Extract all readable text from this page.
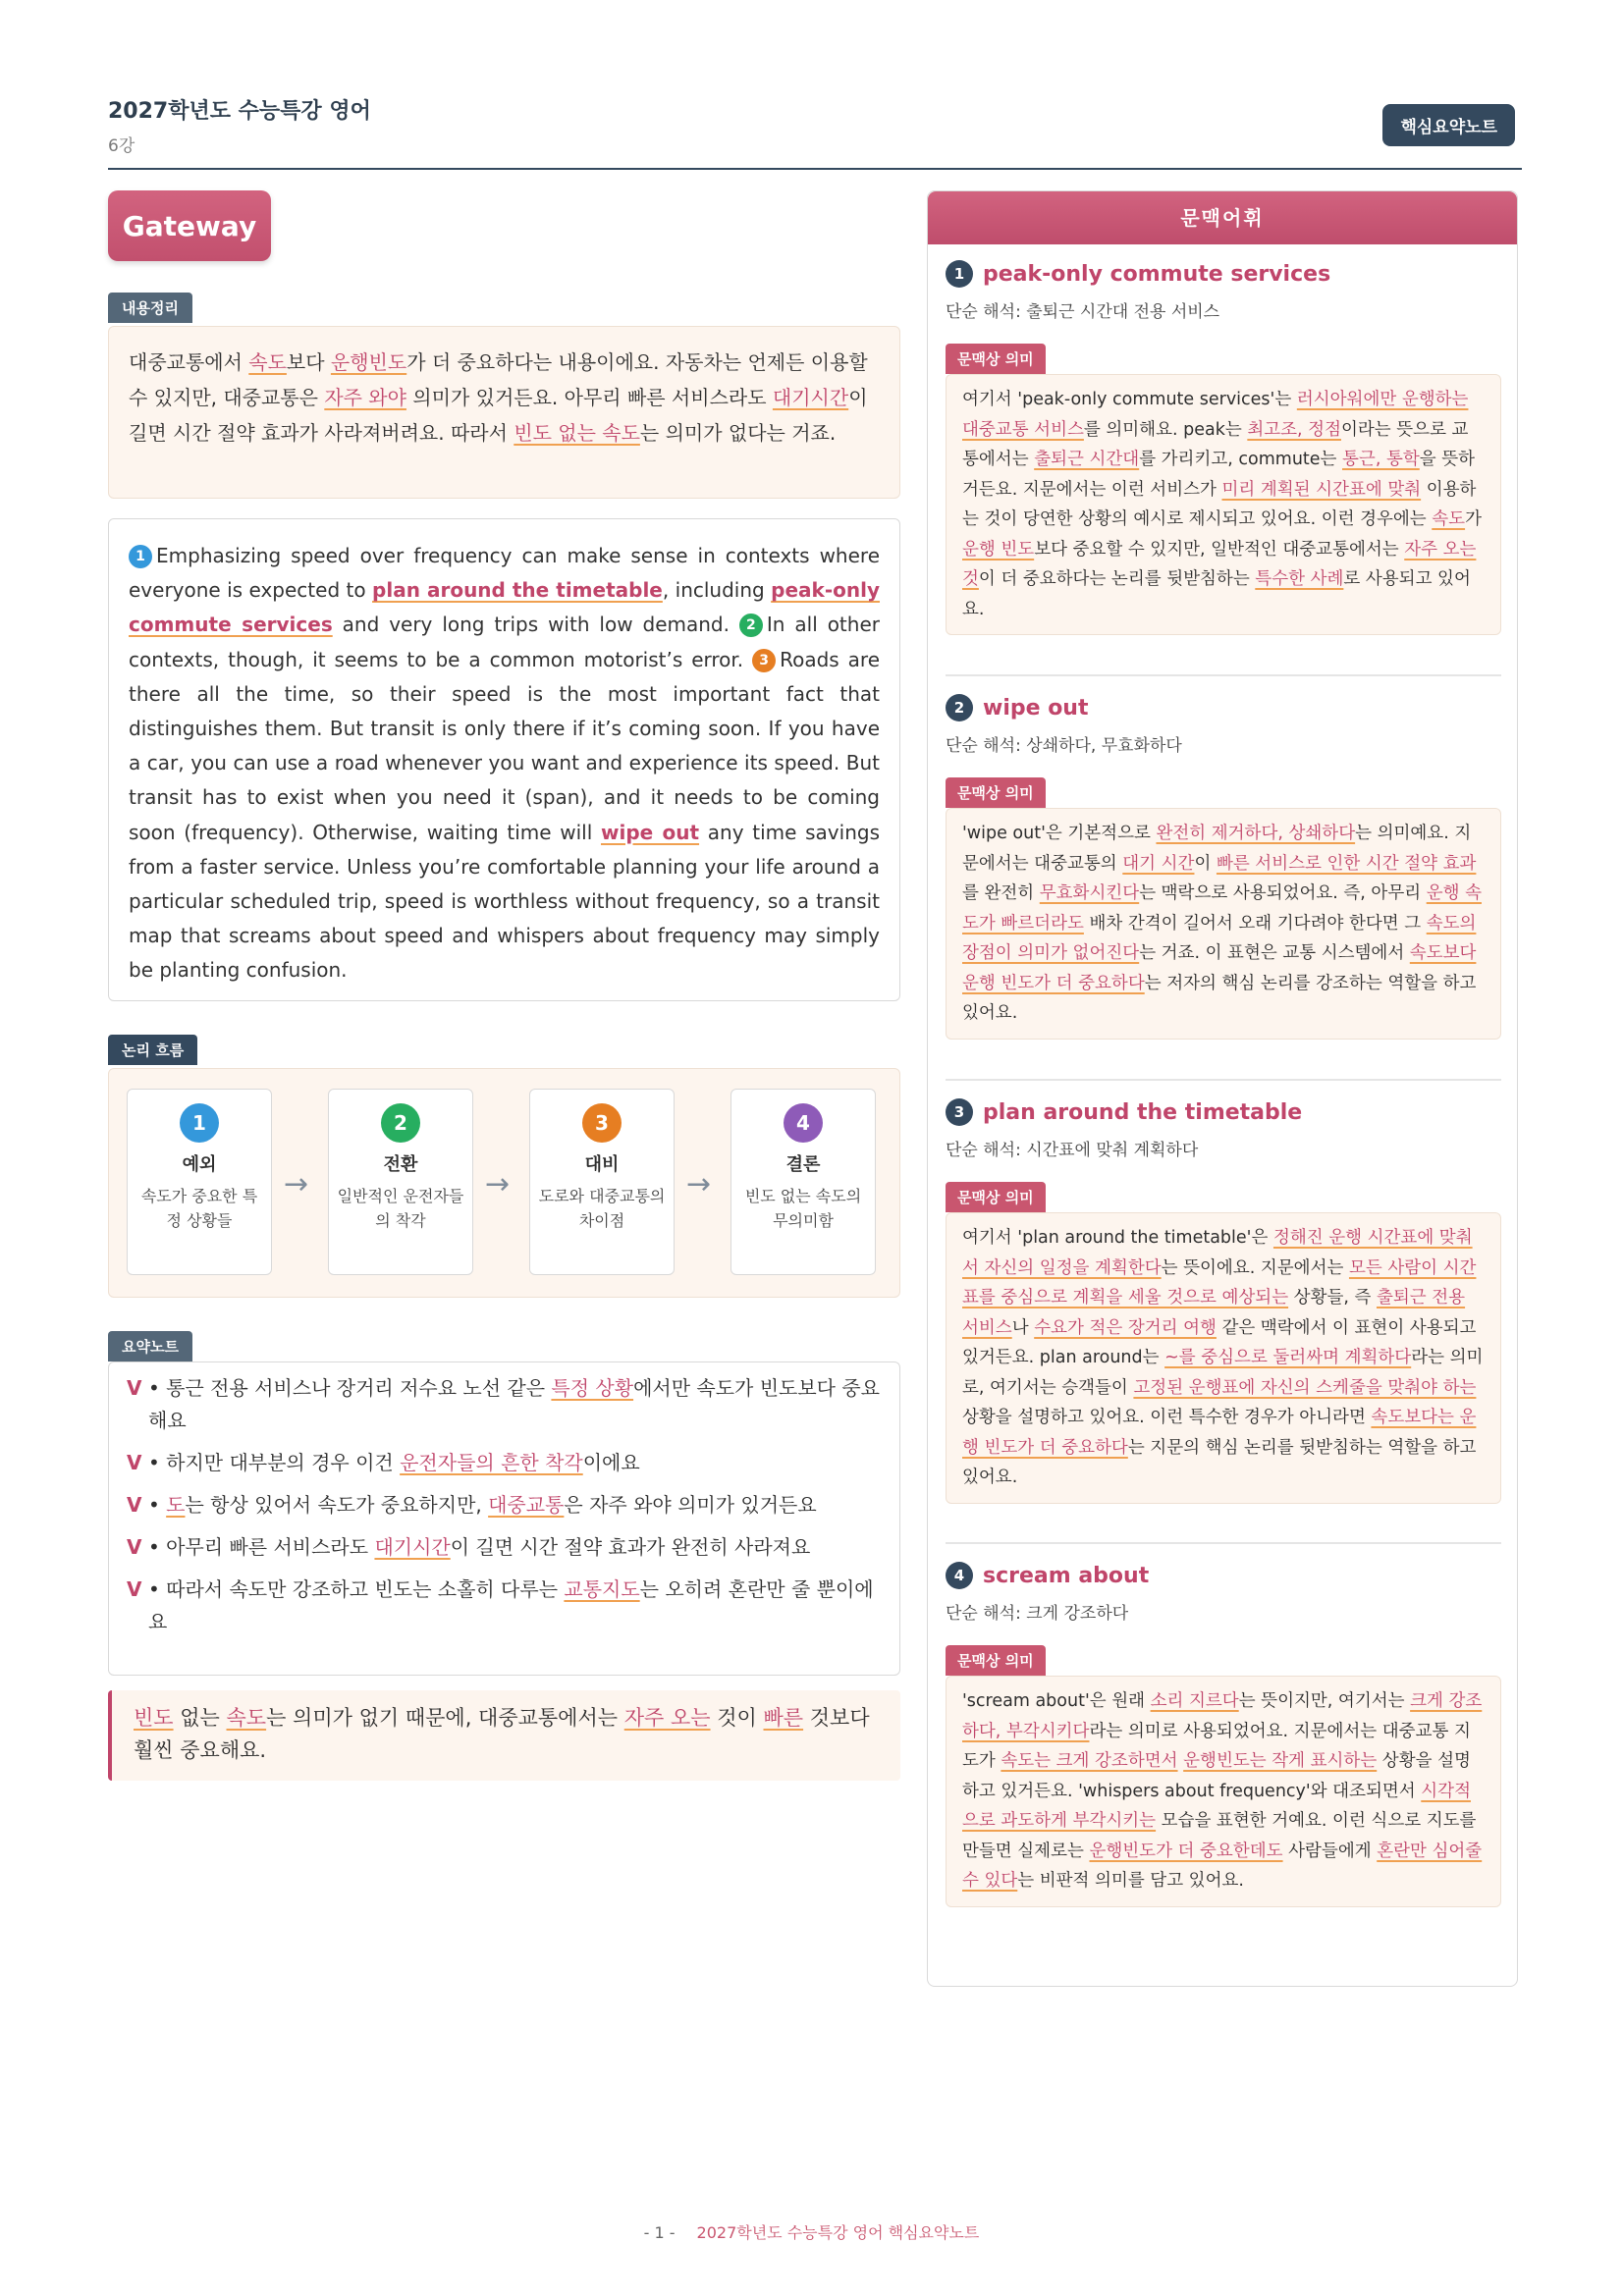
2027학년도 수능특강 영어
6강
핵심요약노트
Gateway
내용정리
대중교통에서 속도보다 운행빈도가 더 중요하다는 내용이에요. 자동차는 언제든 이용할 수 있지만, 대중교통은 자주 와야 의미가 있거든요. 아무리 빠른 서비스라도 대기시간이 길면 시간 절약 효과가 사라져버려요. 따라서 빈도 없는 속도는 의미가 없다는 거죠.
1 Emphasizing speed over frequency can make sense in contexts where everyone is expected to plan around the timetable, including peak-only commute services and very long trips with low demand. 2 In all other contexts, though, it seems to be a common motorist’s error. 3 Roads are there all the time, so their speed is the most important fact that distinguishes them. But transit is only there if it’s coming soon. If you have a car, you can use a road whenever you want and experience its speed. But transit has to exist when you need it (span), and it needs to be coming soon (frequency). Otherwise, waiting time will wipe out any time savings from a faster service. Unless you’re comfortable planning your life around a particular scheduled trip, speed is worthless without frequency, so a transit map that screams about speed and whispers about frequency may simply be planting confusion.
논리 흐름
1
예외
속도가 중요한 특정 상황들
→
2
전환
일반적인 운전자들의 착각
→
3
대비
도로와 대중교통의 차이점
→
4
결론
빈도 없는 속도의 무의미함
요약노트
V • 통근 전용 서비스나 장거리 저수요 노선 같은 특정 상황에서만 속도가 빈도보다 중요해요
V • 하지만 대부분의 경우 이건 운전자들의 흔한 착각이에요
V • 도는 항상 있어서 속도가 중요하지만, 대중교통은 자주 와야 의미가 있거든요
V • 아무리 빠른 서비스라도 대기시간이 길면 시간 절약 효과가 완전히 사라져요
V • 따라서 속도만 강조하고 빈도는 소홀히 다루는 교통지도는 오히려 혼란만 줄 뿐이에요
빈도 없는 속도는 의미가 없기 때문에, 대중교통에서는 자주 오는 것이 빠른 것보다 훨씬 중요해요.
문맥어휘
1 peak-only commute services
단순 해석: 출퇴근 시간대 전용 서비스
문맥상 의미
여기서 'peak-only commute services'는 러시아워에만 운행하는 대중교통 서비스를 의미해요. peak는 최고조, 정점이라는 뜻으로 교통에서는 출퇴근 시간대를 가리키고, commute는 통근, 통학을 뜻하거든요. 지문에서는 이런 서비스가 미리 계획된 시간표에 맞춰 이용하는 것이 당연한 상황의 예시로 제시되고 있어요. 이런 경우에는 속도가 운행 빈도보다 중요할 수 있지만, 일반적인 대중교통에서는 자주 오는 것이 더 중요하다는 논리를 뒷받침하는 특수한 사례로 사용되고 있어요.
2 wipe out
단순 해석: 상쇄하다, 무효화하다
문맥상 의미
'wipe out'은 기본적으로 완전히 제거하다, 상쇄하다는 의미예요. 지문에서는 대중교통의 대기 시간이 빠른 서비스로 인한 시간 절약 효과를 완전히 무효화시킨다는 맥락으로 사용되었어요. 즉, 아무리 운행 속도가 빠르더라도 배차 간격이 길어서 오래 기다려야 한다면 그 속도의 장점이 의미가 없어진다는 거죠. 이 표현은 교통 시스템에서 속도보다 운행 빈도가 더 중요하다는 저자의 핵심 논리를 강조하는 역할을 하고 있어요.
3 plan around the timetable
단순 해석: 시간표에 맞춰 계획하다
문맥상 의미
여기서 'plan around the timetable'은 정해진 운행 시간표에 맞춰서 자신의 일정을 계획한다는 뜻이에요. 지문에서는 모든 사람이 시간표를 중심으로 계획을 세울 것으로 예상되는 상황들, 즉 출퇴근 전용 서비스나 수요가 적은 장거리 여행 같은 맥락에서 이 표현이 사용되고 있거든요. plan around는 ~를 중심으로 둘러싸며 계획하다라는 의미로, 여기서는 승객들이 고정된 운행표에 자신의 스케줄을 맞춰야 하는 상황을 설명하고 있어요. 이런 특수한 경우가 아니라면 속도보다는 운행 빈도가 더 중요하다는 지문의 핵심 논리를 뒷받침하는 역할을 하고 있어요.
4 scream about
단순 해석: 크게 강조하다
문맥상 의미
'scream about'은 원래 소리 지르다는 뜻이지만, 여기서는 크게 강조하다, 부각시키다라는 의미로 사용되었어요. 지문에서는 대중교통 지도가 속도는 크게 강조하면서 운행빈도는 작게 표시하는 상황을 설명하고 있거든요. 'whispers about frequency'와 대조되면서 시각적으로 과도하게 부각시키는 모습을 표현한 거예요. 이런 식으로 지도를 만들면 실제로는 운행빈도가 더 중요한데도 사람들에게 혼란만 심어줄 수 있다는 비판적 의미를 담고 있어요.
- 1 - 2027학년도 수능특강 영어 핵심요약노트
